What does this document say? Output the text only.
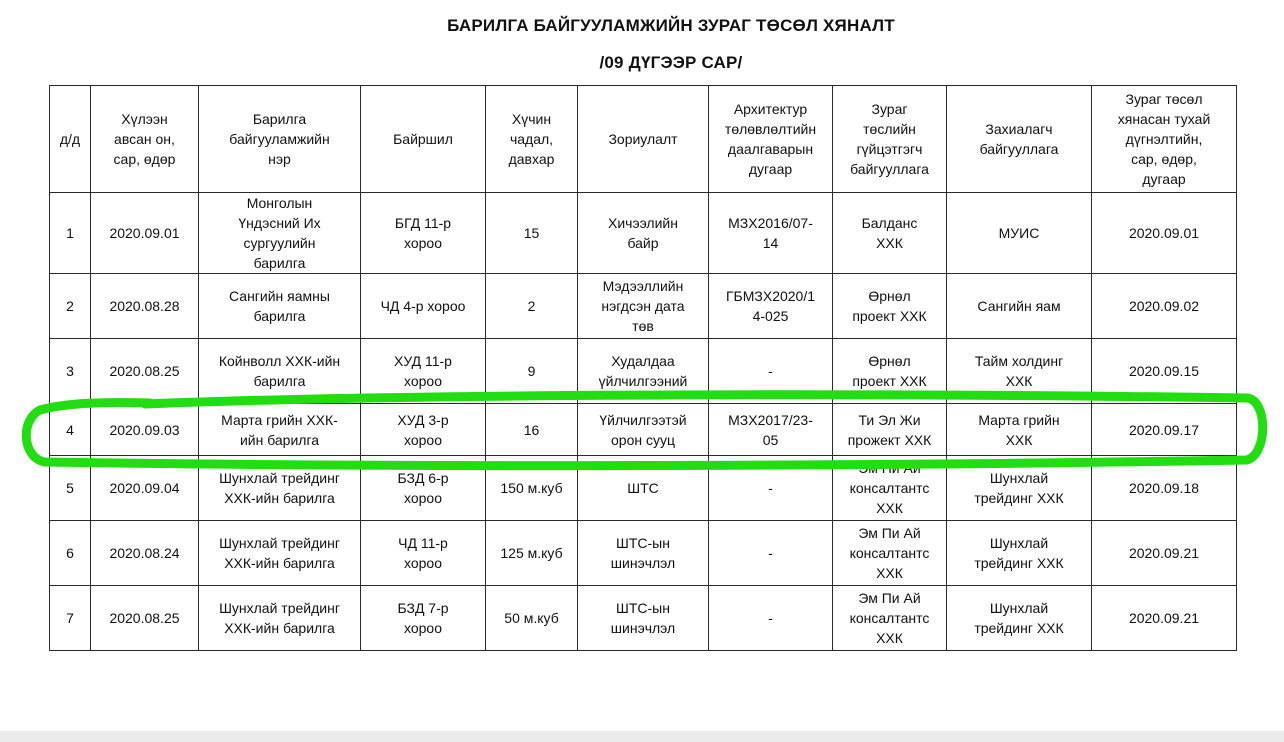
БАРИЛГА БАЙГУУЛАМЖИЙН ЗУРАГ ТӨСӨЛ ХЯНАЛТ
/09 ДҮГЭЭР САР/
д/д	Хүлээн
авсан он,
сар, өдөр	Барилга
байгууламжийн
нэр	Байршил	Хүчин
чадал,
давхар	Зориулалт	Архитектур
төлөвлөлтийн
даалгаварын
дугаар	Зураг
төслийн
гүйцэтгэгч
байгууллага	Захиалагч
байгууллага	Зураг төсөл
хянасан тухай
дүгнэлтийн,
сар, өдөр,
дугаар
1	2020.09.01	Монголын
Үндэсний Их
сургуулийн
барилга	БГД 11-р
хороо	15	Хичээлийн
байр	МЗХ2016/07-
14	Балданс
ХХК	МУИС	2020.09.01
2	2020.08.28	Сангийн яамны
барилга	ЧД 4-р хороо	2	Мэдээллийн
нэгдсэн дата
төв	ГБМЗХ2020/1
4-025	Өрнөл
проект ХХК	Сангийн яам	2020.09.02
3	2020.08.25	Койнволл ХХК-ийн
барилга	ХУД 11-р
хороо	9	Худалдаа
үйлчилгээний	-	Өрнөл
проект ХХК	Тайм холдинг
ХХК	2020.09.15
4	2020.09.03	Марта грийн ХХК-
ийн барилга	ХУД 3-р
хороо	16	Үйлчилгээтэй
орон сууц	МЗХ2017/23-
05	Ти Эл Жи
прожект ХХК	Марта грийн
ХХК	2020.09.17
5	2020.09.04	Шунхлай трейдинг
ХХК-ийн барилга	БЗД 6-р
хороо	150 м.куб	ШТС	-	Эм Пи Ай
консалтантс
ХХК	Шунхлай
трейдинг ХХК	2020.09.18
6	2020.08.24	Шунхлай трейдинг
ХХК-ийн барилга	ЧД 11-р
хороо	125 м.куб	ШТС-ын
шинэчлэл	-	Эм Пи Ай
консалтантс
ХХК	Шунхлай
трейдинг ХХК	2020.09.21
7	2020.08.25	Шунхлай трейдинг
ХХК-ийн барилга	БЗД 7-р
хороо	50 м.куб	ШТС-ын
шинэчлэл	-	Эм Пи Ай
консалтантс
ХХК	Шунхлай
трейдинг ХХК	2020.09.21
